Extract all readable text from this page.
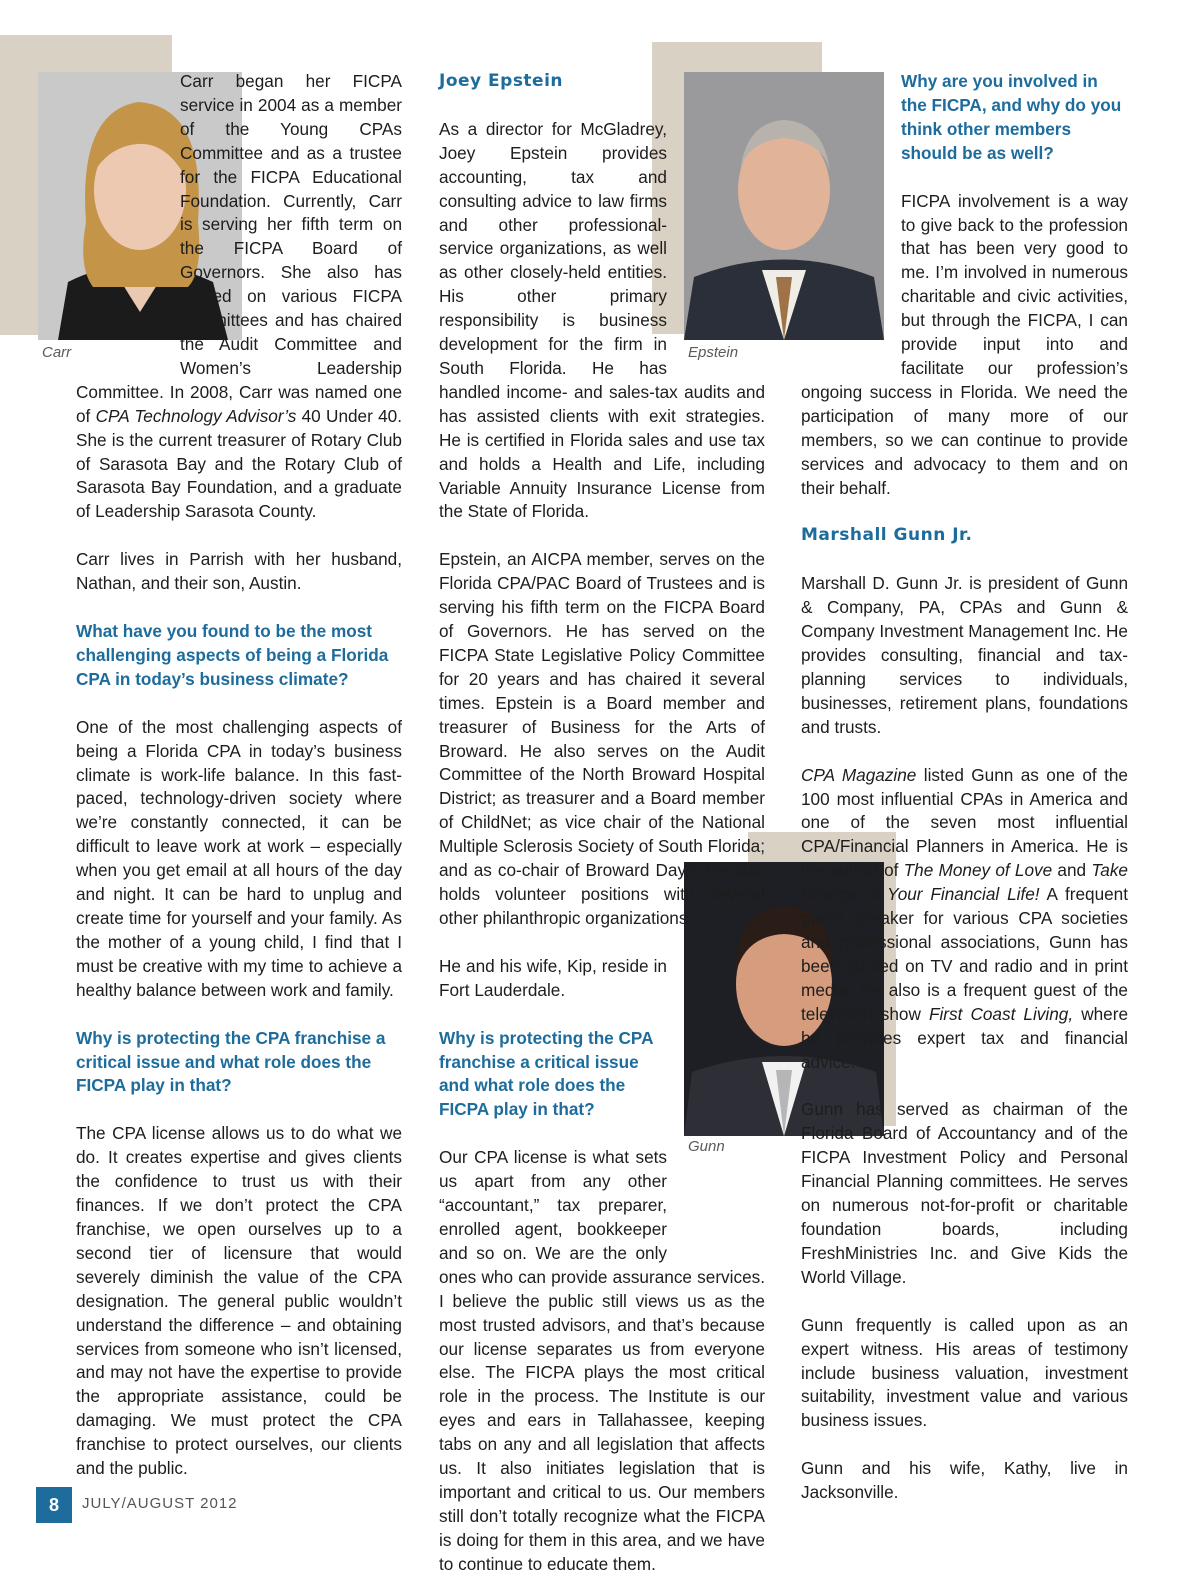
Carr	Epstein
Gunn

Carr began her FICPA service in 2004 as a member of the Young CPAs Committee and as a trustee for the FICPA Educational Foundation. Currently, Carr is serving her fifth term on the FICPA Board of Governors. She also has served on various FICPA committees and has chaired the Audit Committee and Women’s Leadership Committee. In 2008, Carr was named one of CPA Technology Advisor’s 40 Under 40. She is the current treasurer of Rotary Club of Sarasota Bay and the Rotary Club of Sarasota Bay Foundation, and a graduate of Leadership Sarasota County.

Carr lives in Parrish with her husband, Nathan, and their son, Austin.

What have you found to be the most challenging aspects of being a Florida CPA in today’s business climate?

One of the most challenging aspects of being a Florida CPA in today’s business climate is work-life balance. In this fast-paced, technology-driven society where we’re constantly connected, it can be difficult to leave work at work – especially when you get email at all hours of the day and night. It can be hard to unplug and create time for yourself and your family. As the mother of a young child, I find that I must be creative with my time to achieve a healthy balance between work and family.

Why is protecting the CPA franchise a critical issue and what role does the FICPA play in that?

The CPA license allows us to do what we do. It creates expertise and gives clients the confidence to trust us with their finances. If we don’t protect the CPA franchise, we open ourselves up to a second tier of licensure that would severely diminish the value of the CPA designation. The general public wouldn’t understand the difference – and obtaining services from someone who isn’t licensed, and may not have the expertise to provide the appropriate assistance, could be damaging. We must protect the CPA franchise to protect ourselves, our clients and the public.

Joey Epstein

As a director for McGladrey, Joey Epstein provides accounting, tax and consulting advice to law firms and other professional-service organizations, as well as other closely-held entities. His other primary responsibility is business development for the firm in South Florida. He has handled income- and sales-tax audits and has assisted clients with exit strategies. He is certified in Florida sales and use tax and holds a Health and Life, including Variable Annuity Insurance License from the State of Florida.

Epstein, an AICPA member, serves on the Florida CPA/PAC Board of Trustees and is serving his fifth term on the FICPA Board of Governors. He has served on the FICPA State Legislative Policy Committee for 20 years and has chaired it several times. Epstein is a Board member and treasurer of Business for the Arts of Broward. He also serves on the Audit Committee of the North Broward Hospital District; as treasurer and a Board member of ChildNet; as vice chair of the National Multiple Sclerosis Society of South Florida; and as co-chair of Broward Days. He also holds volunteer positions with several other philanthropic organizations.

He and his wife, Kip, reside in Fort Lauderdale.

Why is protecting the CPA franchise a critical issue and what role does the FICPA play in that?

Our CPA license is what sets us apart from any other “accountant,” tax preparer, enrolled agent, bookkeeper and so on. We are the only ones who can provide assurance services. I believe the public still views us as the most trusted advisors, and that’s because our license separates us from everyone else. The FICPA plays the most critical role in the process. The Institute is our eyes and ears in Tallahassee, keeping tabs on any and all legislation that affects us. It also initiates legislation that is important and critical to us. Our members still don’t totally recognize what the FICPA is doing for them in this area, and we have to continue to educate them.

Why are you involved in the FICPA, and why do you think other members should be as well?

FICPA involvement is a way to give back to the profession that has been very good to me. I’m involved in numerous charitable and civic activities, but through the FICPA, I can provide input into and facilitate our profession’s ongoing success in Florida. We need the participation of many more of our members, so we can continue to provide services and advocacy to them and on their behalf.

Marshall Gunn Jr.

Marshall D. Gunn Jr. is president of Gunn & Company, PA, CPAs and Gunn & Company Investment Management Inc. He provides consulting, financial and tax-planning services to individuals, businesses, retirement plans, foundations and trusts.

CPA Magazine listed Gunn as one of the 100 most influential CPAs in America and one of the seven most influential CPA/Financial Planners in America. He is the author of The Money of Love and Take Charge of Your Financial Life! A frequent guest speaker for various CPA societies and professional associations, Gunn has been quoted on TV and radio and in print media. He also is a frequent guest of the television show First Coast Living, where he provides expert tax and financial advice.

Gunn has served as chairman of the Florida Board of Accountancy and of the FICPA Investment Policy and Personal Financial Planning committees. He serves on numerous not-for-profit or charitable foundation boards, including FreshMinistries Inc. and Give Kids the World Village.

Gunn frequently is called upon as an expert witness. His areas of testimony include business valuation, investment suitability, investment value and various business issues.

Gunn and his wife, Kathy, live in Jacksonville.

8	JULY/AUGUST 2012
